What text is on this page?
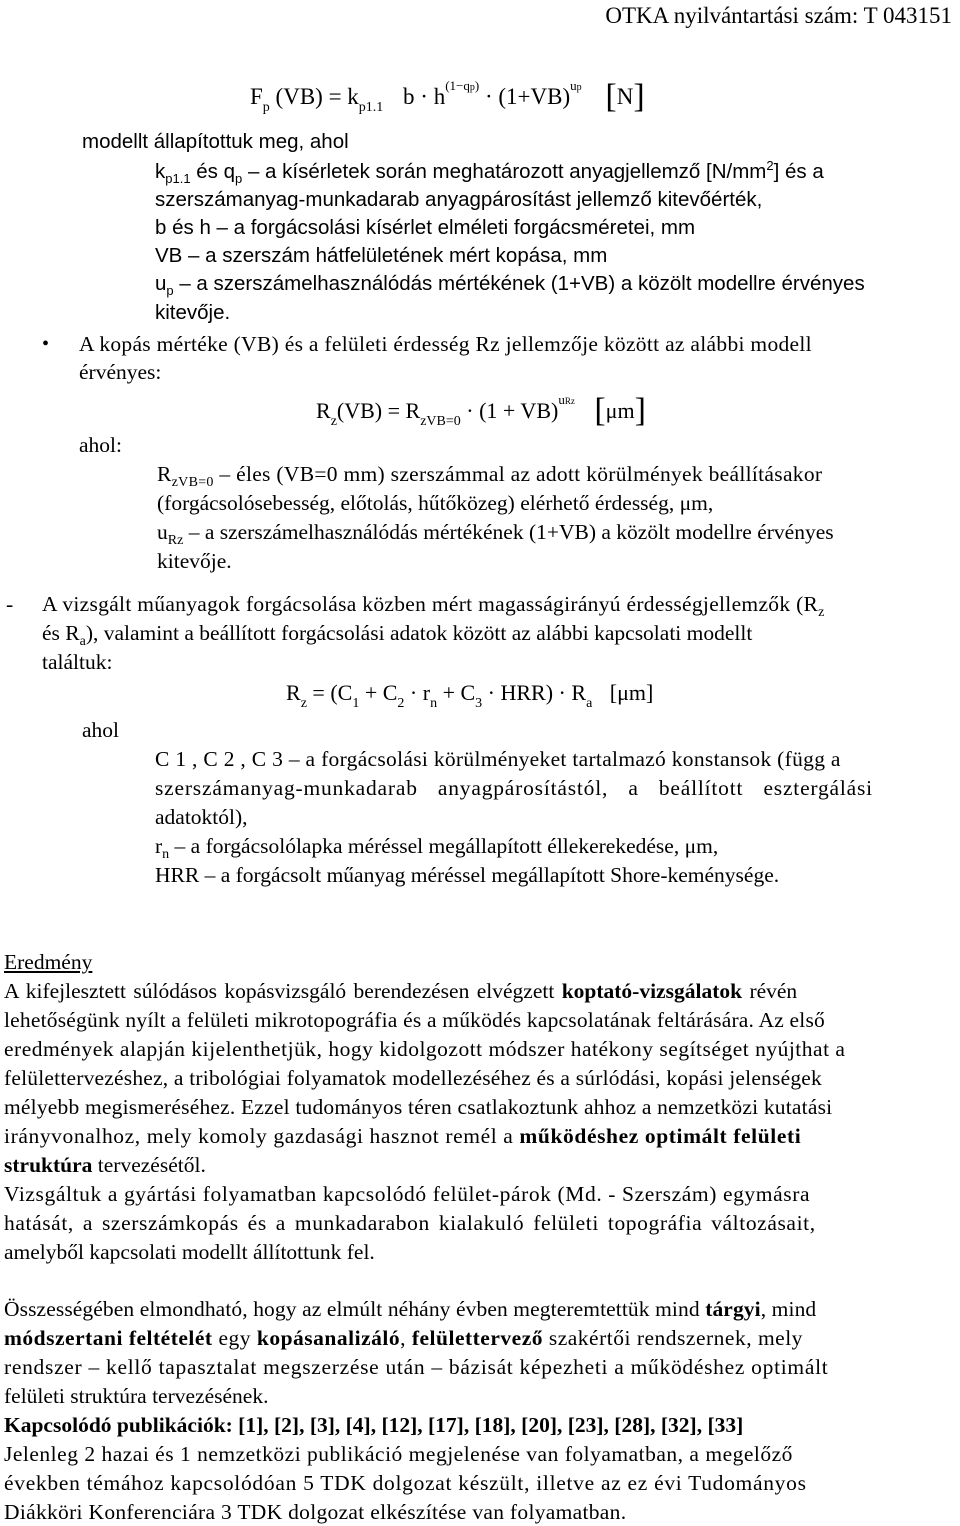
OTKA nyilvántartási szám: T 043151
$F_p$ $(VB) = k_{p1.1}$ $b \cdot h^{(1-qp)} \cdot (1+VB)^{up}$ [N]
modellt állapítottuk meg, ahol
$k_{p1.1}$ és $q_p$ – a kísérletek során meghatározott anyagjellemző $[N/mm^2]$ és a
szerszámanyag-munkadarab anyagpárosítást jellemző kitevőérték,
b és h – a forgácsolási kísérlet elméleti forgácsméretei, mm
VB – a szerszám hátfelületének mért kopása, mm
$u_p$ – a szerszámelhasználódás mértékének (1+VB) a közölt modellre érvényes
kitevője.
• A kopás mértéke (VB) és a felületi érdesség Rz jellemzője között az alábbi modell
érvényes:
$R_z(VB) = R_{zVB=0} \cdot (1 + VB)^{uRz}$ [μm]
ahol:
$R_{zVB=0}$ – éles (VB=0 mm) szerszámmal az adott körülmények beállításakor
(forgácsolósebesség, előtolás, hűtőközeg) elérhető érdesség, μm,
$u_{Rz}$ – a szerszámelhasználódás mértékének (1+VB) a közölt modellre érvényes
kitevője.
- A vizsgált műanyagok forgácsolása közben mért magasságirányú érdességjellemzők ($R_z$
és $R_a$), valamint a beállított forgácsolási adatok között az alábbi kapcsolati modellt
találtuk:
$R_z = (C_1 + C_2 \cdot r_n + C_3 \cdot HRR) \cdot R_a$ [μm]
ahol
C 1 , C 2 , C 3 – a forgácsolási körülményeket tartalmazó konstansok (függ a
szerszámanyag-munkadarab anyagpárosítástól, a beállított esztergálási
adatoktól),
$r_n$ – a forgácsolólapka méréssel megállapított éllekerekedése, μm,
HRR – a forgácsolt műanyag méréssel megállapított Shore-keménysége.
Eredmény
A kifejlesztett súlódásos kopásvizsgáló berendezésen elvégzett koptató-vizsgálatok révén
lehetőségünk nyílt a felületi mikrotopográfia és a működés kapcsolatának feltárására. Az első
eredmények alapján kijelenthetjük, hogy kidolgozott módszer hatékony segítséget nyújthat a
felülettervezéshez, a tribológiai folyamatok modellezéséhez és a súrlódási, kopási jelenségek
mélyebb megismeréséhez. Ezzel tudományos téren csatlakoztunk ahhoz a nemzetközi kutatási
irányvonalhoz, mely komoly gazdasági hasznot remél a működéshez optimált felületi
struktúra tervezésétől.
Vizsgáltuk a gyártási folyamatban kapcsolódó felület-párok (Md. - Szerszám) egymásra
hatását, a szerszámkopás és a munkadarabon kialakuló felületi topográfia változásait,
amelyből kapcsolati modellt állítottunk fel.
Összességében elmondható, hogy az elmúlt néhány évben megteremtettük mind tárgyi, mind
módszertani feltételét egy kopásanalizáló, felülettervező szakértői rendszernek, mely
rendszer – kellő tapasztalat megszerzése után – bázisát képezheti a működéshez optimált
felületi struktúra tervezésének.
Kapcsolódó publikációk: [1], [2], [3], [4], [12], [17], [18], [20], [23], [28], [32], [33]
Jelenleg 2 hazai és 1 nemzetközi publikáció megjelenése van folyamatban, a megelőző
években témához kapcsolódóan 5 TDK dolgozat készült, illetve az ez évi Tudományos
Diákköri Konferenciára 3 TDK dolgozat elkészítése van folyamatban.
